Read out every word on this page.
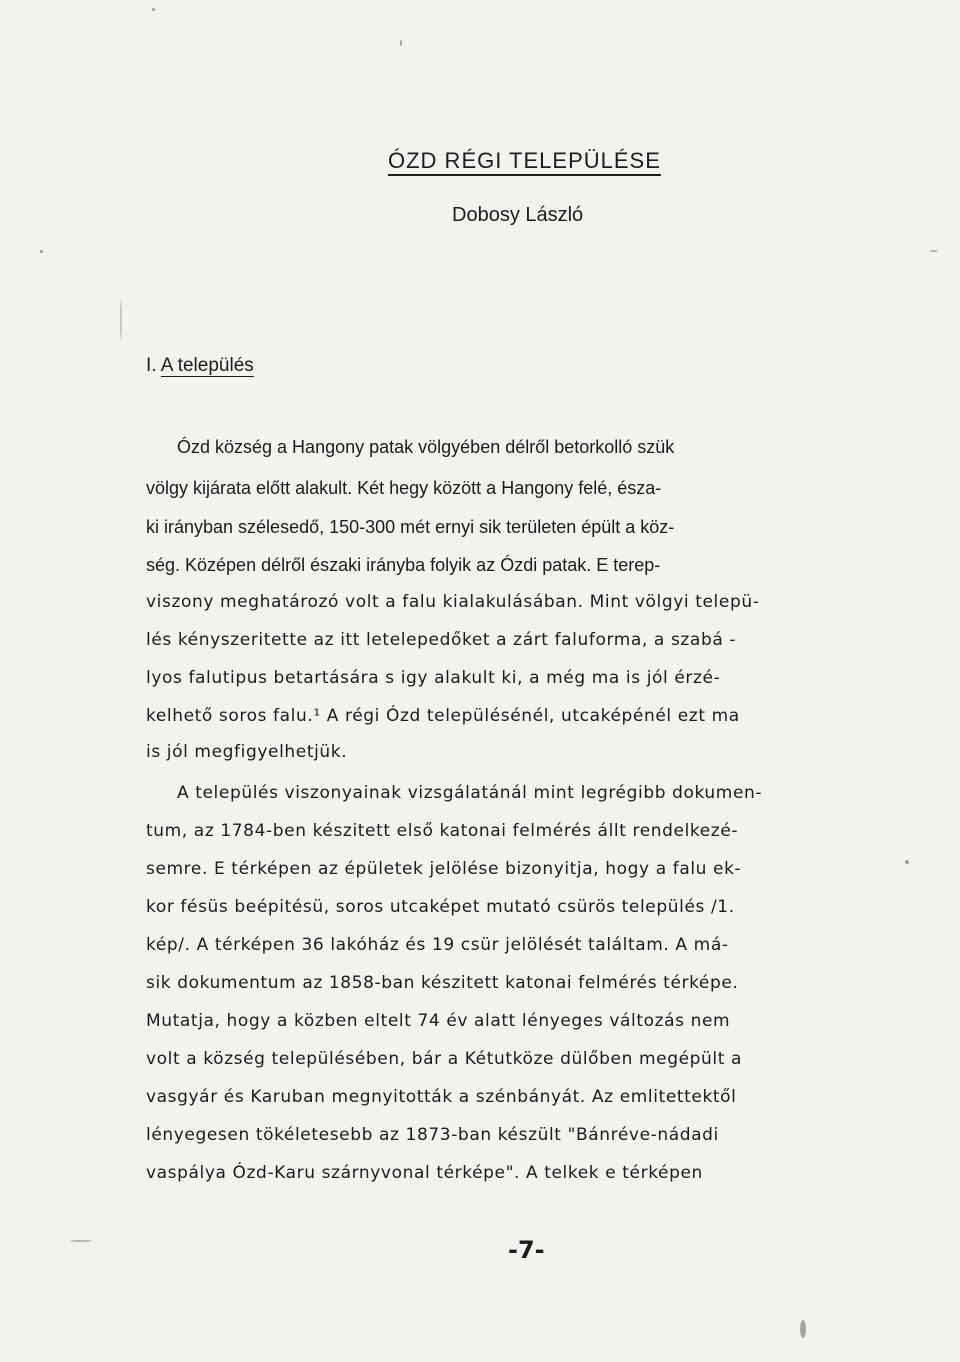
ÓZD RÉGI TELEPÜLÉSE
Dobosy László
I. A település
Ózd község a Hangony patak völgyében délről betorkolló szük
völgy kijárata előtt alakult. Két hegy között a Hangony felé, észa-
ki irányban szélesedő, 150-300 mét ernyi sik területen épült a köz-
ség. Középen délről északi irányba folyik az Ózdi patak. E terep-
viszony meghatározó volt a falu kialakulásában. Mint völgyi telepü-
lés kényszeritette az itt letelepedőket a zárt faluforma, a szabá -
lyos falutipus betartására s igy alakult ki, a még ma is jól érzé-
kelhető soros falu.¹ A régi Ózd településénél, utcaképénél ezt ma
is jól megfigyelhetjük.
A település viszonyainak vizsgálatánál mint legrégibb dokumen-
tum, az 1784-ben készitett első katonai felmérés állt rendelkezé-
semre. E térképen az épületek jelölése bizonyitja, hogy a falu ek-
kor fésüs beépitésü, soros utcaképet mutató csürös település /1.
kép/. A térképen 36 lakóház és 19 csür jelölését találtam. A má-
sik dokumentum az 1858-ban készitett katonai felmérés térképe.
Mutatja, hogy a közben eltelt 74 év alatt lényeges változás nem
volt a község településében, bár a Kétutköze dülőben megépült a
vasgyár és Karuban megnyitották a szénbányát. Az emlitettektől
lényegesen tökéletesebb az 1873-ban készült "Bánréve-nádadi
vaspálya Ózd-Karu szárnyvonal térképe". A telkek e térképen
-7-
